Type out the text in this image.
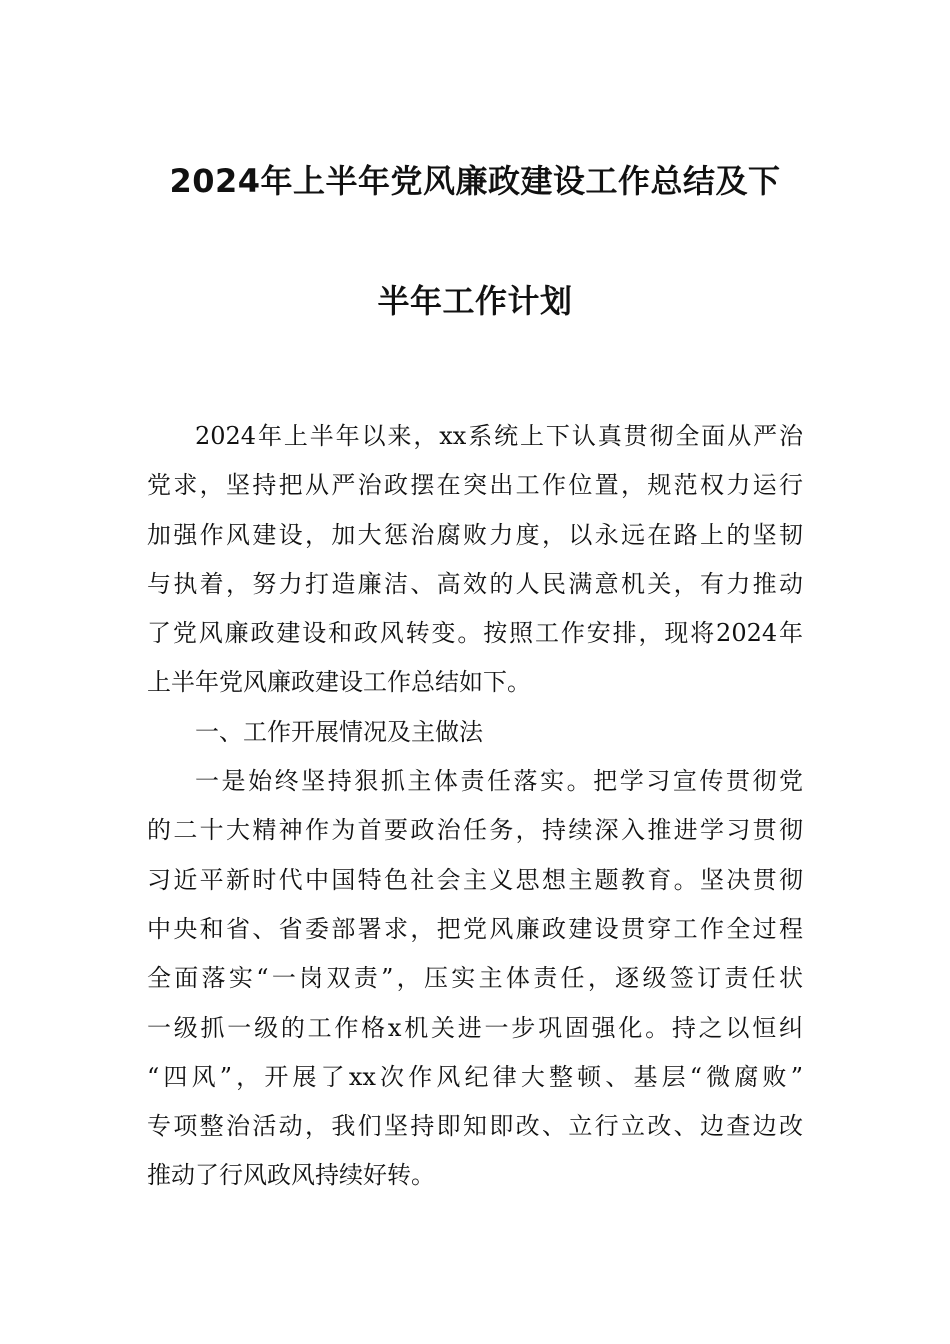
2024年上半年党风廉政建设工作总结及下
半年工作计划
2024年上半年以来，xx系统上下认真贯彻全面从严治
党求，坚持把从严治政摆在突出工作位置，规范权力运行
加强作风建设，加大惩治腐败力度，以永远在路上的坚韧
与执着，努力打造廉洁、高效的人民满意机关，有力推动
了党风廉政建设和政风转变。按照工作安排，现将2024年
上半年党风廉政建设工作总结如下。
一、工作开展情况及主做法
一是始终坚持狠抓主体责任落实。把学习宣传贯彻党
的二十大精神作为首要政治任务，持续深入推进学习贯彻
习近平新时代中国特色社会主义思想主题教育。坚决贯彻
中央和省、省委部署求，把党风廉政建设贯穿工作全过程
全面落实“一岗双责”，压实主体责任，逐级签订责任状
一级抓一级的工作格x机关进一步巩固强化。持之以恒纠
“四风”，开展了xx次作风纪律大整顿、基层“微腐败”
专项整治活动，我们坚持即知即改、立行立改、边查边改
推动了行风政风持续好转。
